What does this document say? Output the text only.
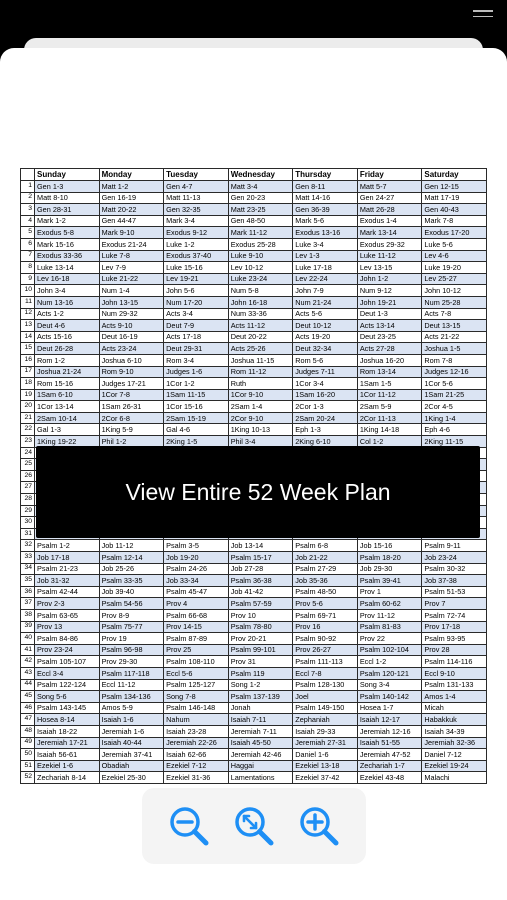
	Sunday	Monday	Tuesday	Wednesday	Thursday	Friday	Saturday
1	Gen 1-3	Matt 1-2	Gen 4-7	Matt 3-4	Gen 8-11	Matt 5-7	Gen 12-15
2	Matt 8-10	Gen 16-19	Matt 11-13	Gen 20-23	Matt 14-16	Gen 24-27	Matt 17-19
3	Gen 28-31	Matt 20-22	Gen 32-35	Matt 23-25	Gen 36-39	Matt 26-28	Gen 40-43
4	Mark 1-2	Gen 44-47	Mark 3-4	Gen 48-50	Mark 5-6	Exodus 1-4	Mark 7-8
5	Exodus 5-8	Mark 9-10	Exodus 9-12	Mark 11-12	Exodus 13-16	Mark 13-14	Exodus 17-20
6	Mark 15-16	Exodus 21-24	Luke 1-2	Exodus 25-28	Luke 3-4	Exodus 29-32	Luke 5-6
7	Exodus 33-36	Luke 7-8	Exodus 37-40	Luke 9-10	Lev 1-3	Luke 11-12	Lev 4-6
8	Luke 13-14	Lev 7-9	Luke 15-16	Lev 10-12	Luke 17-18	Lev 13-15	Luke 19-20
9	Lev 16-18	Luke 21-22	Lev 19-21	Luke 23-24	Lev 22-24	John 1-2	Lev 25-27
10	John 3-4	Num 1-4	John 5-6	Num 5-8	John 7-9	Num 9-12	John 10-12
11	Num 13-16	John 13-15	Num 17-20	John 16-18	Num 21-24	John 19-21	Num 25-28
12	Acts 1-2	Num 29-32	Acts 3-4	Num 33-36	Acts 5-6	Deut 1-3	Acts 7-8
13	Deut 4-6	Acts 9-10	Deut 7-9	Acts 11-12	Deut 10-12	Acts 13-14	Deut 13-15
14	Acts 15-16	Deut 16-19	Acts 17-18	Deut 20-22	Acts 19-20	Deut 23-25	Acts 21-22
15	Deut 26-28	Acts 23-24	Deut 29-31	Acts 25-26	Deut 32-34	Acts 27-28	Joshua 1-5
16	Rom 1-2	Joshua 6-10	Rom 3-4	Joshua 11-15	Rom 5-6	Joshua 16-20	Rom 7-8
17	Joshua 21-24	Rom 9-10	Judges 1-6	Rom 11-12	Judges 7-11	Rom 13-14	Judges 12-16
18	Rom 15-16	Judges 17-21	1Cor 1-2	Ruth	1Cor 3-4	1Sam 1-5	1Cor 5-6
19	1Sam 6-10	1Cor 7-8	1Sam 11-15	1Cor 9-10	1Sam 16-20	1Cor 11-12	1Sam 21-25
20	1Cor 13-14	1Sam 26-31	1Cor 15-16	2Sam 1-4	2Cor 1-3	2Sam 5-9	2Cor 4-5
21	2Sam 10-14	2Cor 6-8	2Sam 15-19	2Cor 9-10	2Sam 20-24	2Cor 11-13	1King 1-4
22	Gal 1-3	1King 5-9	Gal 4-6	1King 10-13	Eph 1-3	1King 14-18	Eph 4-6
23	1King 19-22	Phil 1-2	2King 1-5	Phil 3-4	2King 6-10	Col 1-2	2King 11-15
24							
25							
26							
27							
28							
29							
30							
31							
32	Psalm 1-2	Job 11-12	Psalm 3-5	Job 13-14	Psalm 6-8	Job 15-16	Psalm 9-11
33	Job 17-18	Psalm 12-14	Job 19-20	Psalm 15-17	Job 21-22	Psalm 18-20	Job 23-24
34	Psalm 21-23	Job 25-26	Psalm 24-26	Job 27-28	Psalm 27-29	Job 29-30	Psalm 30-32
35	Job 31-32	Psalm 33-35	Job 33-34	Psalm 36-38	Job 35-36	Psalm 39-41	Job 37-38
36	Psalm 42-44	Job 39-40	Psalm 45-47	Job 41-42	Psalm 48-50	Prov 1	Psalm 51-53
37	Prov 2-3	Psalm 54-56	Prov 4	Psalm 57-59	Prov 5-6	Psalm 60-62	Prov 7
38	Psalm 63-65	Prov 8-9	Psalm 66-68	Prov 10	Psalm 69-71	Prov 11-12	Psalm 72-74
39	Prov 13	Psalm 75-77	Prov 14-15	Psalm 78-80	Prov 16	Psalm 81-83	Prov 17-18
40	Psalm 84-86	Prov 19	Psalm 87-89	Prov 20-21	Psalm 90-92	Prov 22	Psalm 93-95
41	Prov 23-24	Psalm 96-98	Prov 25	Psalm 99-101	Prov 26-27	Psalm 102-104	Prov 28
42	Psalm 105-107	Prov 29-30	Psalm 108-110	Prov 31	Psalm 111-113	Eccl 1-2	Psalm 114-116
43	Eccl 3-4	Psalm 117-118	Eccl 5-6	Psalm 119	Eccl 7-8	Psalm 120-121	Eccl 9-10
44	Psalm 122-124	Eccl 11-12	Psalm 125-127	Song 1-2	Psalm 128-130	Song 3-4	Psalm 131-133
45	Song 5-6	Psalm 134-136	Song 7-8	Psalm 137-139	Joel	Psalm 140-142	Amos 1-4
46	Psalm 143-145	Amos 5-9	Psalm 146-148	Jonah	Psalm 149-150	Hosea 1-7	Micah
47	Hosea 8-14	Isaiah 1-6	Nahum	Isaiah 7-11	Zephaniah	Isaiah 12-17	Habakkuk
48	Isaiah 18-22	Jeremiah 1-6	Isaiah 23-28	Jeremiah 7-11	Isaiah 29-33	Jeremiah 12-16	Isaiah 34-39
49	Jeremiah 17-21	Isaiah 40-44	Jeremiah 22-26	Isaiah 45-50	Jeremiah 27-31	Isaiah 51-55	Jeremiah 32-36
50	Isaiah 56-61	Jeremiah 37-41	Isaiah 62-66	Jeremiah 42-46	Daniel 1-6	Jeremiah 47-52	Daniel 7-12
51	Ezekiel 1-6	Obadiah	Ezekiel 7-12	Haggai	Ezekiel 13-18	Zechariah 1-7	Ezekiel 19-24
52	Zechariah 8-14	Ezekiel 25-30	Ezekiel 31-36	Lamentations	Ezekiel 37-42	Ezekiel 43-48	Malachi
View Entire 52 Week Plan
